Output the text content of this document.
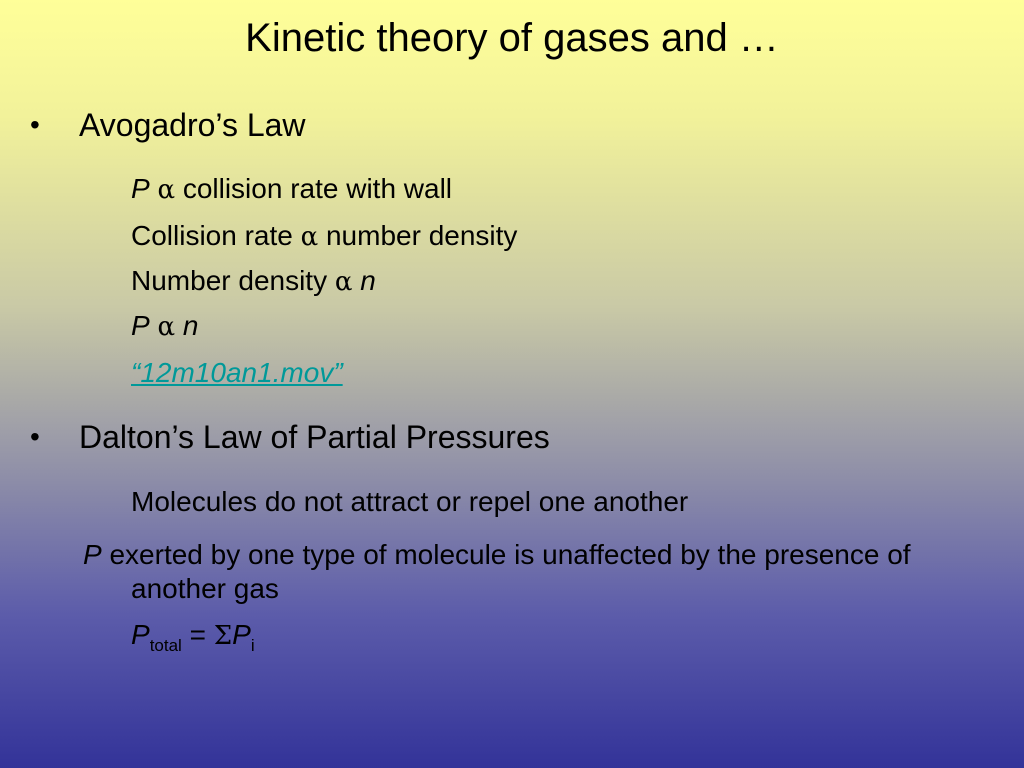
Kinetic theory of gases and …
• Avogadro’s Law
P α collision rate with wall
Collision rate α number density
Number density α n
P α n
“12m10an1.mov”
• Dalton’s Law of Partial Pressures
Molecules do not attract or repel one another
P exerted by one type of molecule is unaffected by the presence of another gas
$P_{total} = \Sigma P_i$
